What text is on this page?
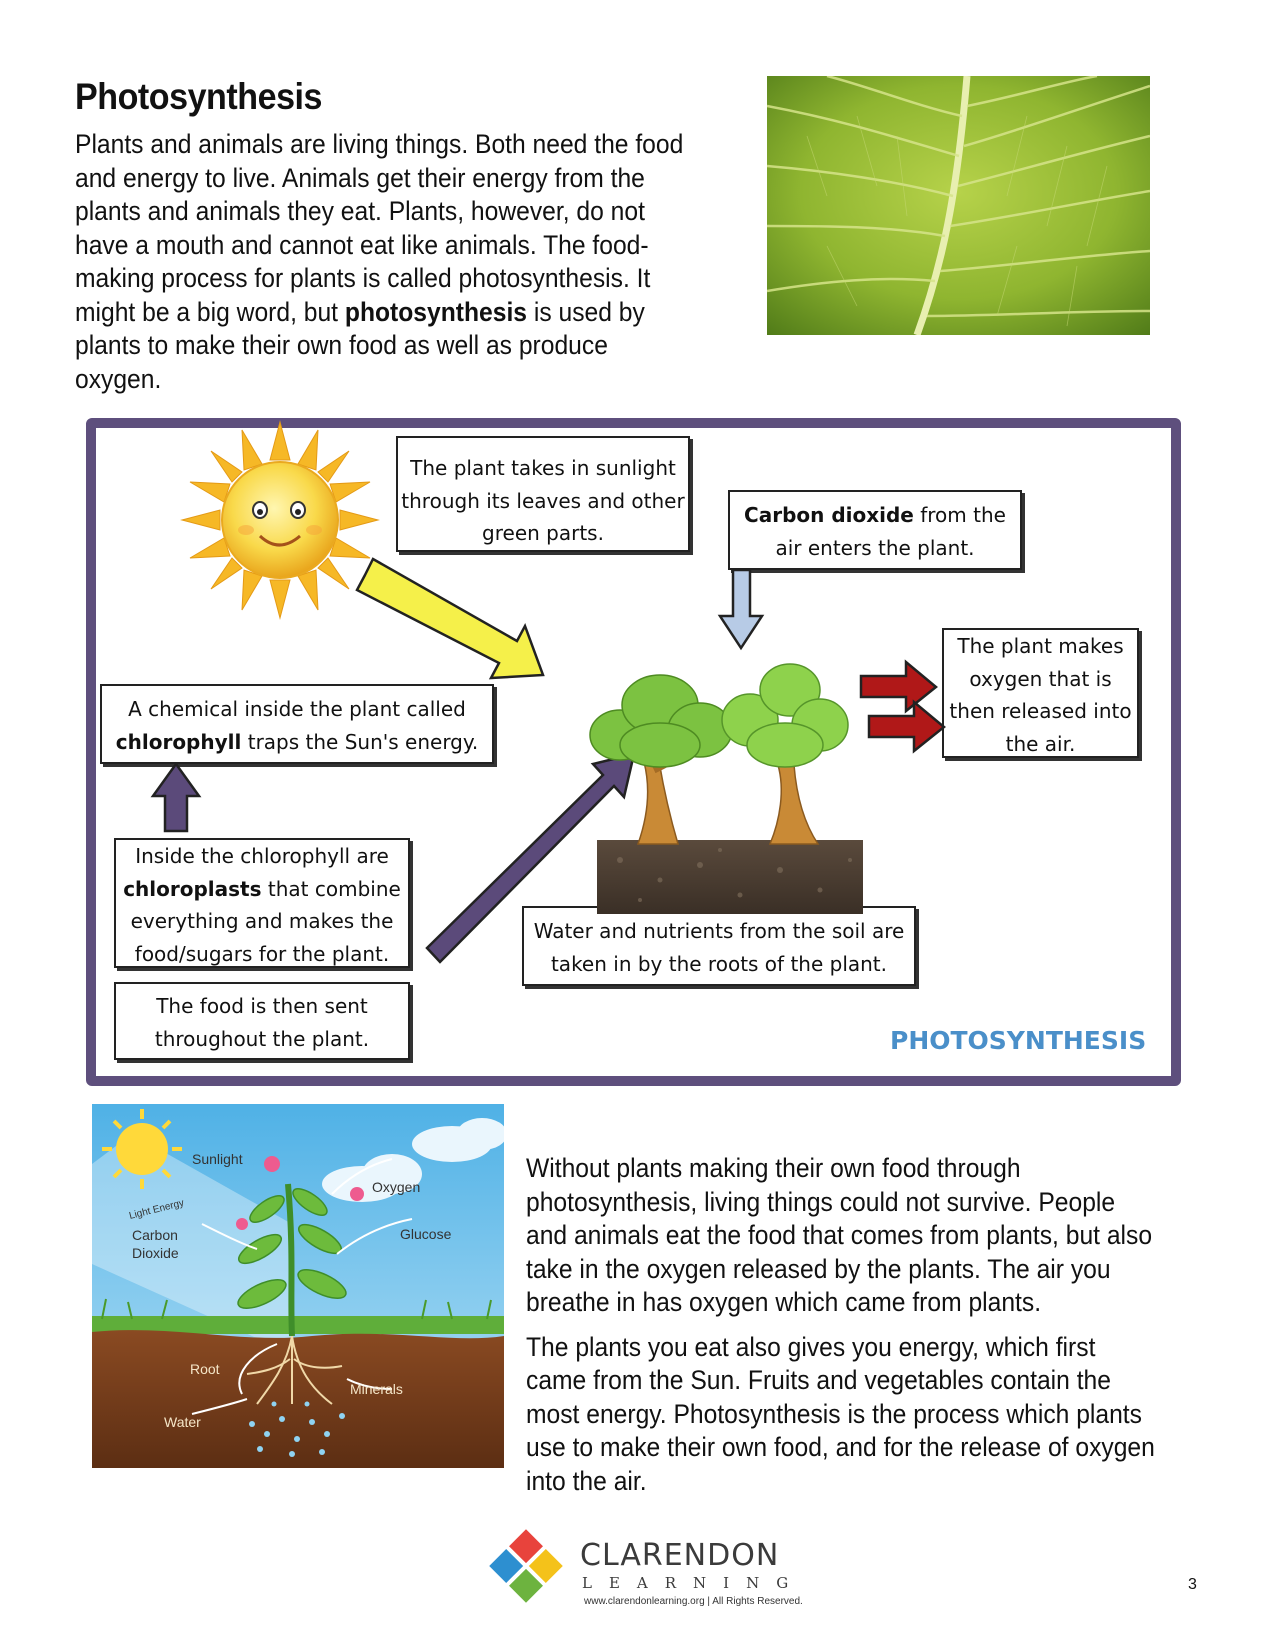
Photosynthesis
Plants and animals are living things. Both need the food and energy to live. Animals get their energy from the plants and animals they eat. Plants, however, do not have a mouth and cannot eat like animals. The food-making process for plants is called photosynthesis. It might be a big word, but photosynthesis is used by plants to make their own food as well as produce oxygen.
The plant takes in sunlight through its leaves and other green parts.
Carbon dioxide from the air enters the plant.
The plant makes oxygen that is then released into the air.
A chemical inside the plant called chlorophyll traps the Sun's energy.
Inside the chlorophyll are chloroplasts that combine everything and makes the food/sugars for the plant.
Water and nutrients from the soil are taken in by the roots of the plant.
The food is then sent throughout the plant.	PHOTOSYNTHESIS
Sunlight
Light Energy
Oxygen
Glucose
Root
Minerals
Water
Carbon Dioxide

Without plants making their own food through photosynthesis, living things could not survive. People and animals eat the food that comes from plants, but also take in the oxygen released by the plants. The air you breathe in has oxygen which came from plants.

The plants you eat also gives you energy, which first came from the Sun. Fruits and vegetables contain the most energy. Photosynthesis is the process which plants use to make their own food, and for the release of oxygen into the air.

CLARENDON
LEARNING
www.clarendonlearning.org | All Rights Reserved.
3
